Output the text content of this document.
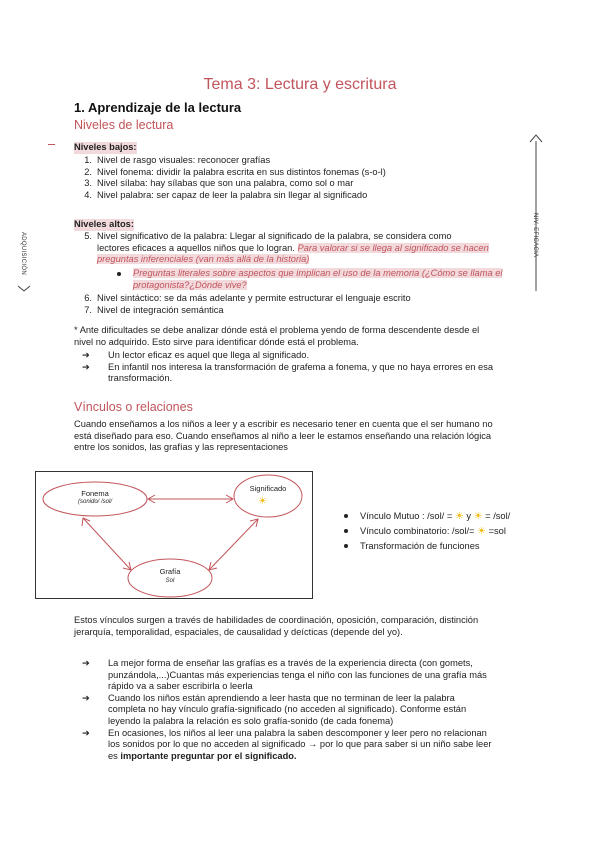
Tema 3: Lectura y escritura
1. Aprendizaje de la lectura
Niveles de lectura
ADQUISICIÓN	NIV. EFICACIA
Niveles bajos:
1. Nivel de rasgo visuales: reconocer grafías
2. Nivel fonema: dividir la palabra escrita en sus distintos fonemas (s-o-l)
3. Nivel sílaba: hay sílabas que son una palabra, como sol o mar
4. Nivel palabra: ser capaz de leer la palabra sin llegar al significado
Niveles altos:
5. Nivel significativo de la palabra: Llegar al significado de la palabra, se considera como
lectores eficaces a aquellos niños que lo logran. Para valorar si se llega al significado se hacen
preguntas inferenciales (van más allá de la historia)
Preguntas literales sobre aspectos que implican el uso de la memoria (¿Cómo se llama el
protagonista?¿Dónde vive?
6. Nivel sintáctico: se da más adelante y permite estructurar el lenguaje escrito
7. Nivel de integración semántica
* Ante dificultades se debe analizar dónde está el problema yendo de forma descendente desde el
nivel no adquirido. Esto sirve para identificar dónde está el problema.
➔ Un lector eficaz es aquel que llega al significado.
➔ En infantil nos interesa la transformación de grafema a fonema, y que no haya errores en esa
transformación.
Vínculos o relaciones
Cuando enseñamos a los niños a leer y a escribir es necesario tener en cuenta que el ser humano no
está diseñado para eso. Cuando enseñamos al niño a leer le estamos enseñando una relación lógica
entre los sonidos, las grafías y las representaciones
Fonema
(sonido/ /sol/
Significado
☀
Grafía
Sol
Vínculo Mutuo : /sol/ = ☀ y ☀ = /sol/
Vínculo combinatorio: /sol/= ☀ =sol
Transformación de funciones
Estos vínculos surgen a través de habilidades de coordinación, oposición, comparación, distinción
jerarquía, temporalidad, espaciales, de causalidad y deícticas (depende del yo).
➔ La mejor forma de enseñar las grafías es a través de la experiencia directa (con gomets,
punzándola,...)Cuantas más experiencias tenga el niño con las funciones de una grafía más
rápido va a saber escribirla o leerla
➔ Cuando los niños están aprendiendo a leer hasta que no terminan de leer la palabra
completa no hay vínculo grafía-significado (no acceden al significado). Conforme están
leyendo la palabra la relación es solo grafía-sonido (de cada fonema)
➔ En ocasiones, los niños al leer una palabra la saben descomponer y leer pero no relacionan
los sonidos por lo que no acceden al significado → por lo que para saber si un niño sabe leer
es importante preguntar por el significado.
